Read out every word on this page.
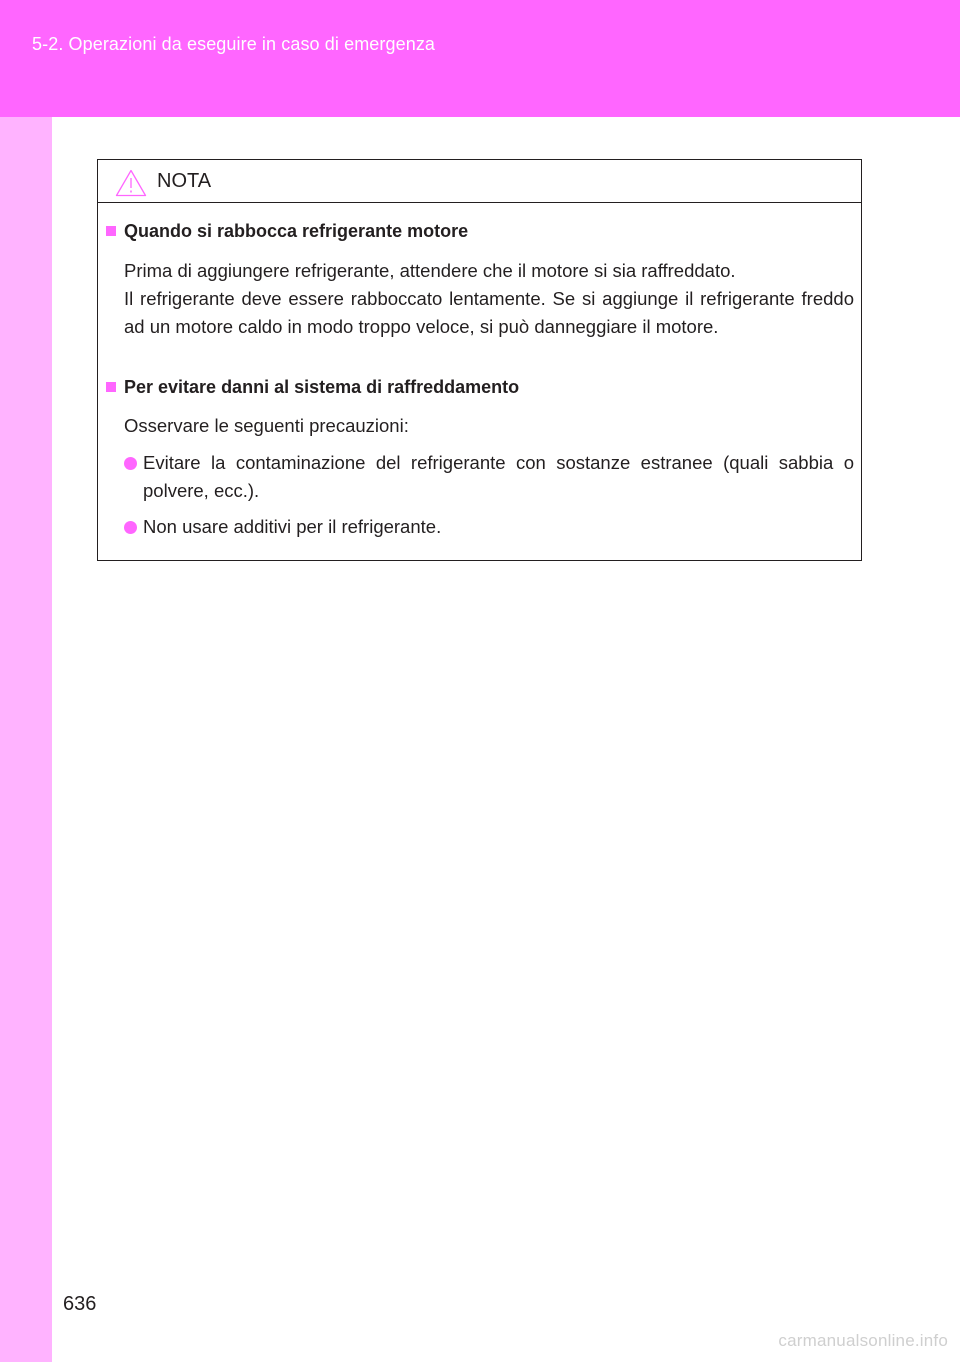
5-2. Operazioni da eseguire in caso di emergenza
NOTA
Quando si rabbocca refrigerante motore
Prima di aggiungere refrigerante, attendere che il motore si sia raffreddato.
Il refrigerante deve essere rabboccato lentamente. Se si aggiunge il refrigerante freddo ad un motore caldo in modo troppo veloce, si può danneggiare il motore.
Per evitare danni al sistema di raffreddamento
Osservare le seguenti precauzioni:
Evitare la contaminazione del refrigerante con sostanze estranee (quali sabbia o polvere, ecc.).
Non usare additivi per il refrigerante.
636
carmanualsonline.info
